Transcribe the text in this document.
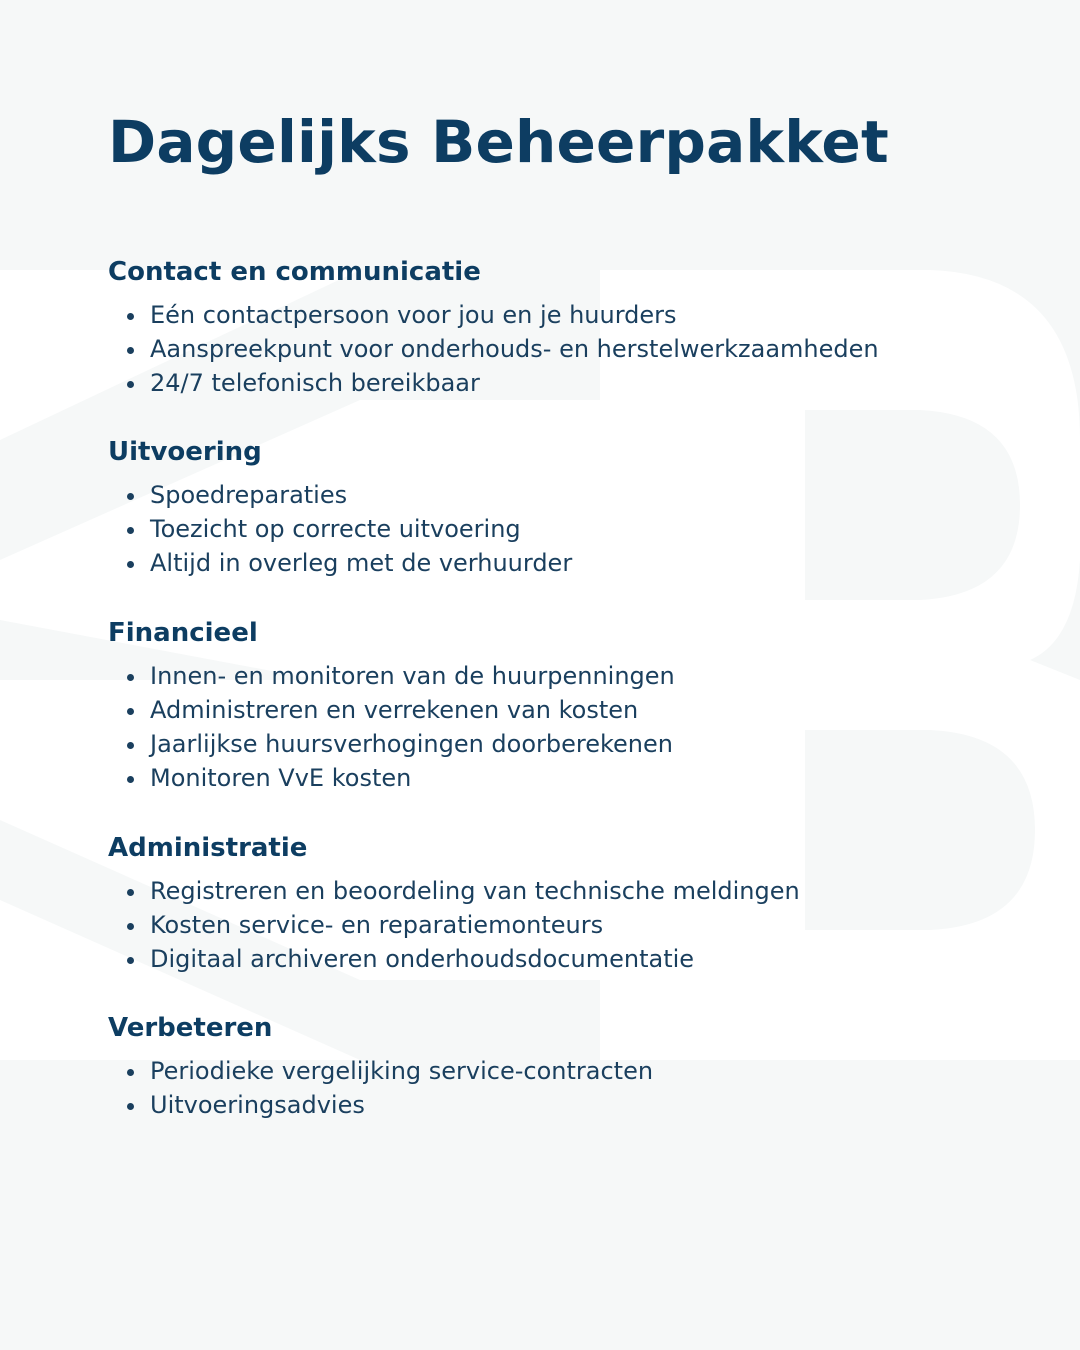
Dagelijks Beheerpakket
Contact en communicatie
Eén contactpersoon voor jou en je huurders
Aanspreekpunt voor onderhouds- en herstelwerkzaamheden
24/7 telefonisch bereikbaar
Uitvoering
Spoedreparaties
Toezicht op correcte uitvoering
Altijd in overleg met de verhuurder
Financieel
Innen- en monitoren van de huurpenningen
Administreren en verrekenen van kosten
Jaarlijkse huursverhogingen doorberekenen
Monitoren VvE kosten
Administratie
Registreren en beoordeling van technische meldingen
Kosten service- en reparatiemonteurs
Digitaal archiveren onderhoudsdocumentatie
Verbeteren
Periodieke vergelijking service-contracten
Uitvoeringsadvies
